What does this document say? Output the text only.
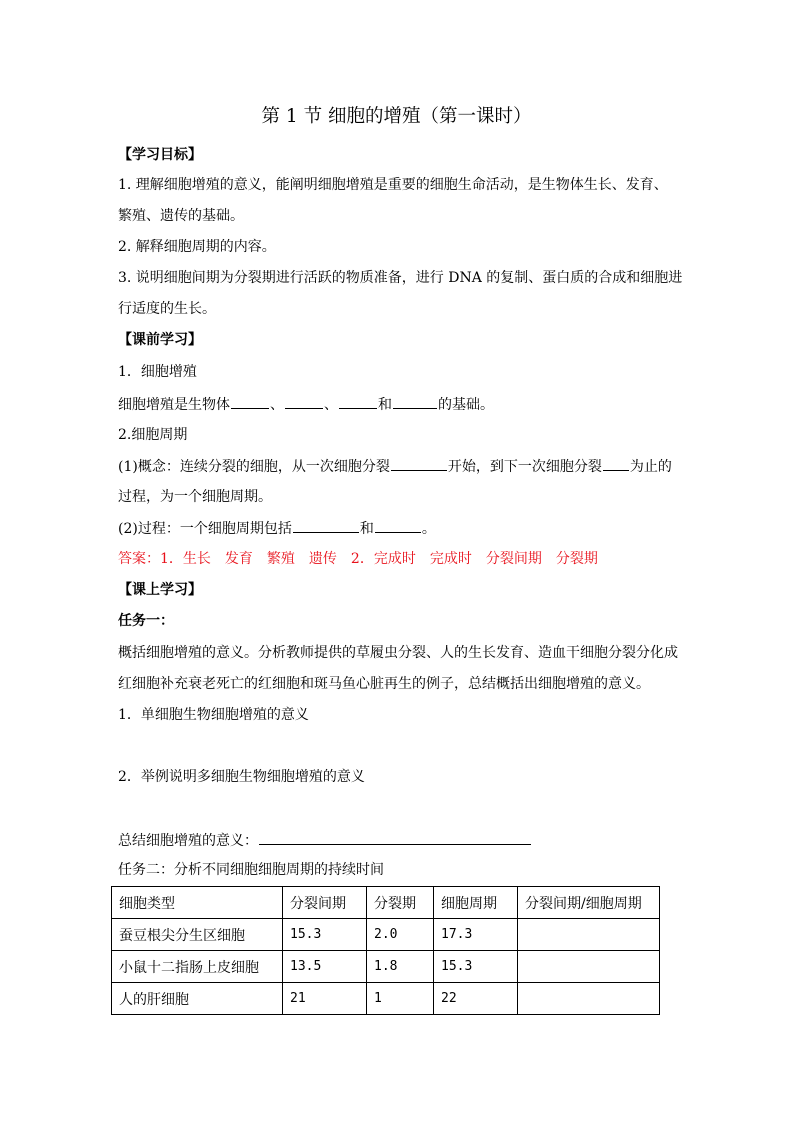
第 1 节 细胞的增殖（第一课时）
【学习目标】
1. 理解细胞增殖的意义，能阐明细胞增殖是重要的细胞生命活动，是生物体生长、发育、
繁殖、遗传的基础。
2. 解释细胞周期的内容。
3. 说明细胞间期为分裂期进行活跃的物质准备，进行 DNA 的复制、蛋白质的合成和细胞进
行适度的生长。
【课前学习】
1．细胞增殖
细胞增殖是生物体	、	、	和	的基础。
2.细胞周期
(1)概念：连续分裂的细胞，从一次细胞分裂	开始，到下一次细胞分裂 为止的
过程，为一个细胞周期。
(2)过程：一个细胞周期包括	和	。
答案：1．生长 发育 繁殖 遗传 2．完成时 完成时 分裂间期 分裂期
【课上学习】
任务一：
概括细胞增殖的意义。分析教师提供的草履虫分裂、人的生长发育、造血干细胞分裂分化成
红细胞补充衰老死亡的红细胞和斑马鱼心脏再生的例子，总结概括出细胞增殖的意义。
1．单细胞生物细胞增殖的意义
2．举例说明多细胞生物细胞增殖的意义
总结细胞增殖的意义：
任务二：分析不同细胞细胞周期的持续时间
细胞类型	分裂间期	分裂期	细胞周期	分裂间期/细胞周期
蚕豆根尖分生区细胞	15.3	2.0	17.3	
小鼠十二指肠上皮细胞	13.5	1.8	15.3	
人的肝细胞	21	1	22	
